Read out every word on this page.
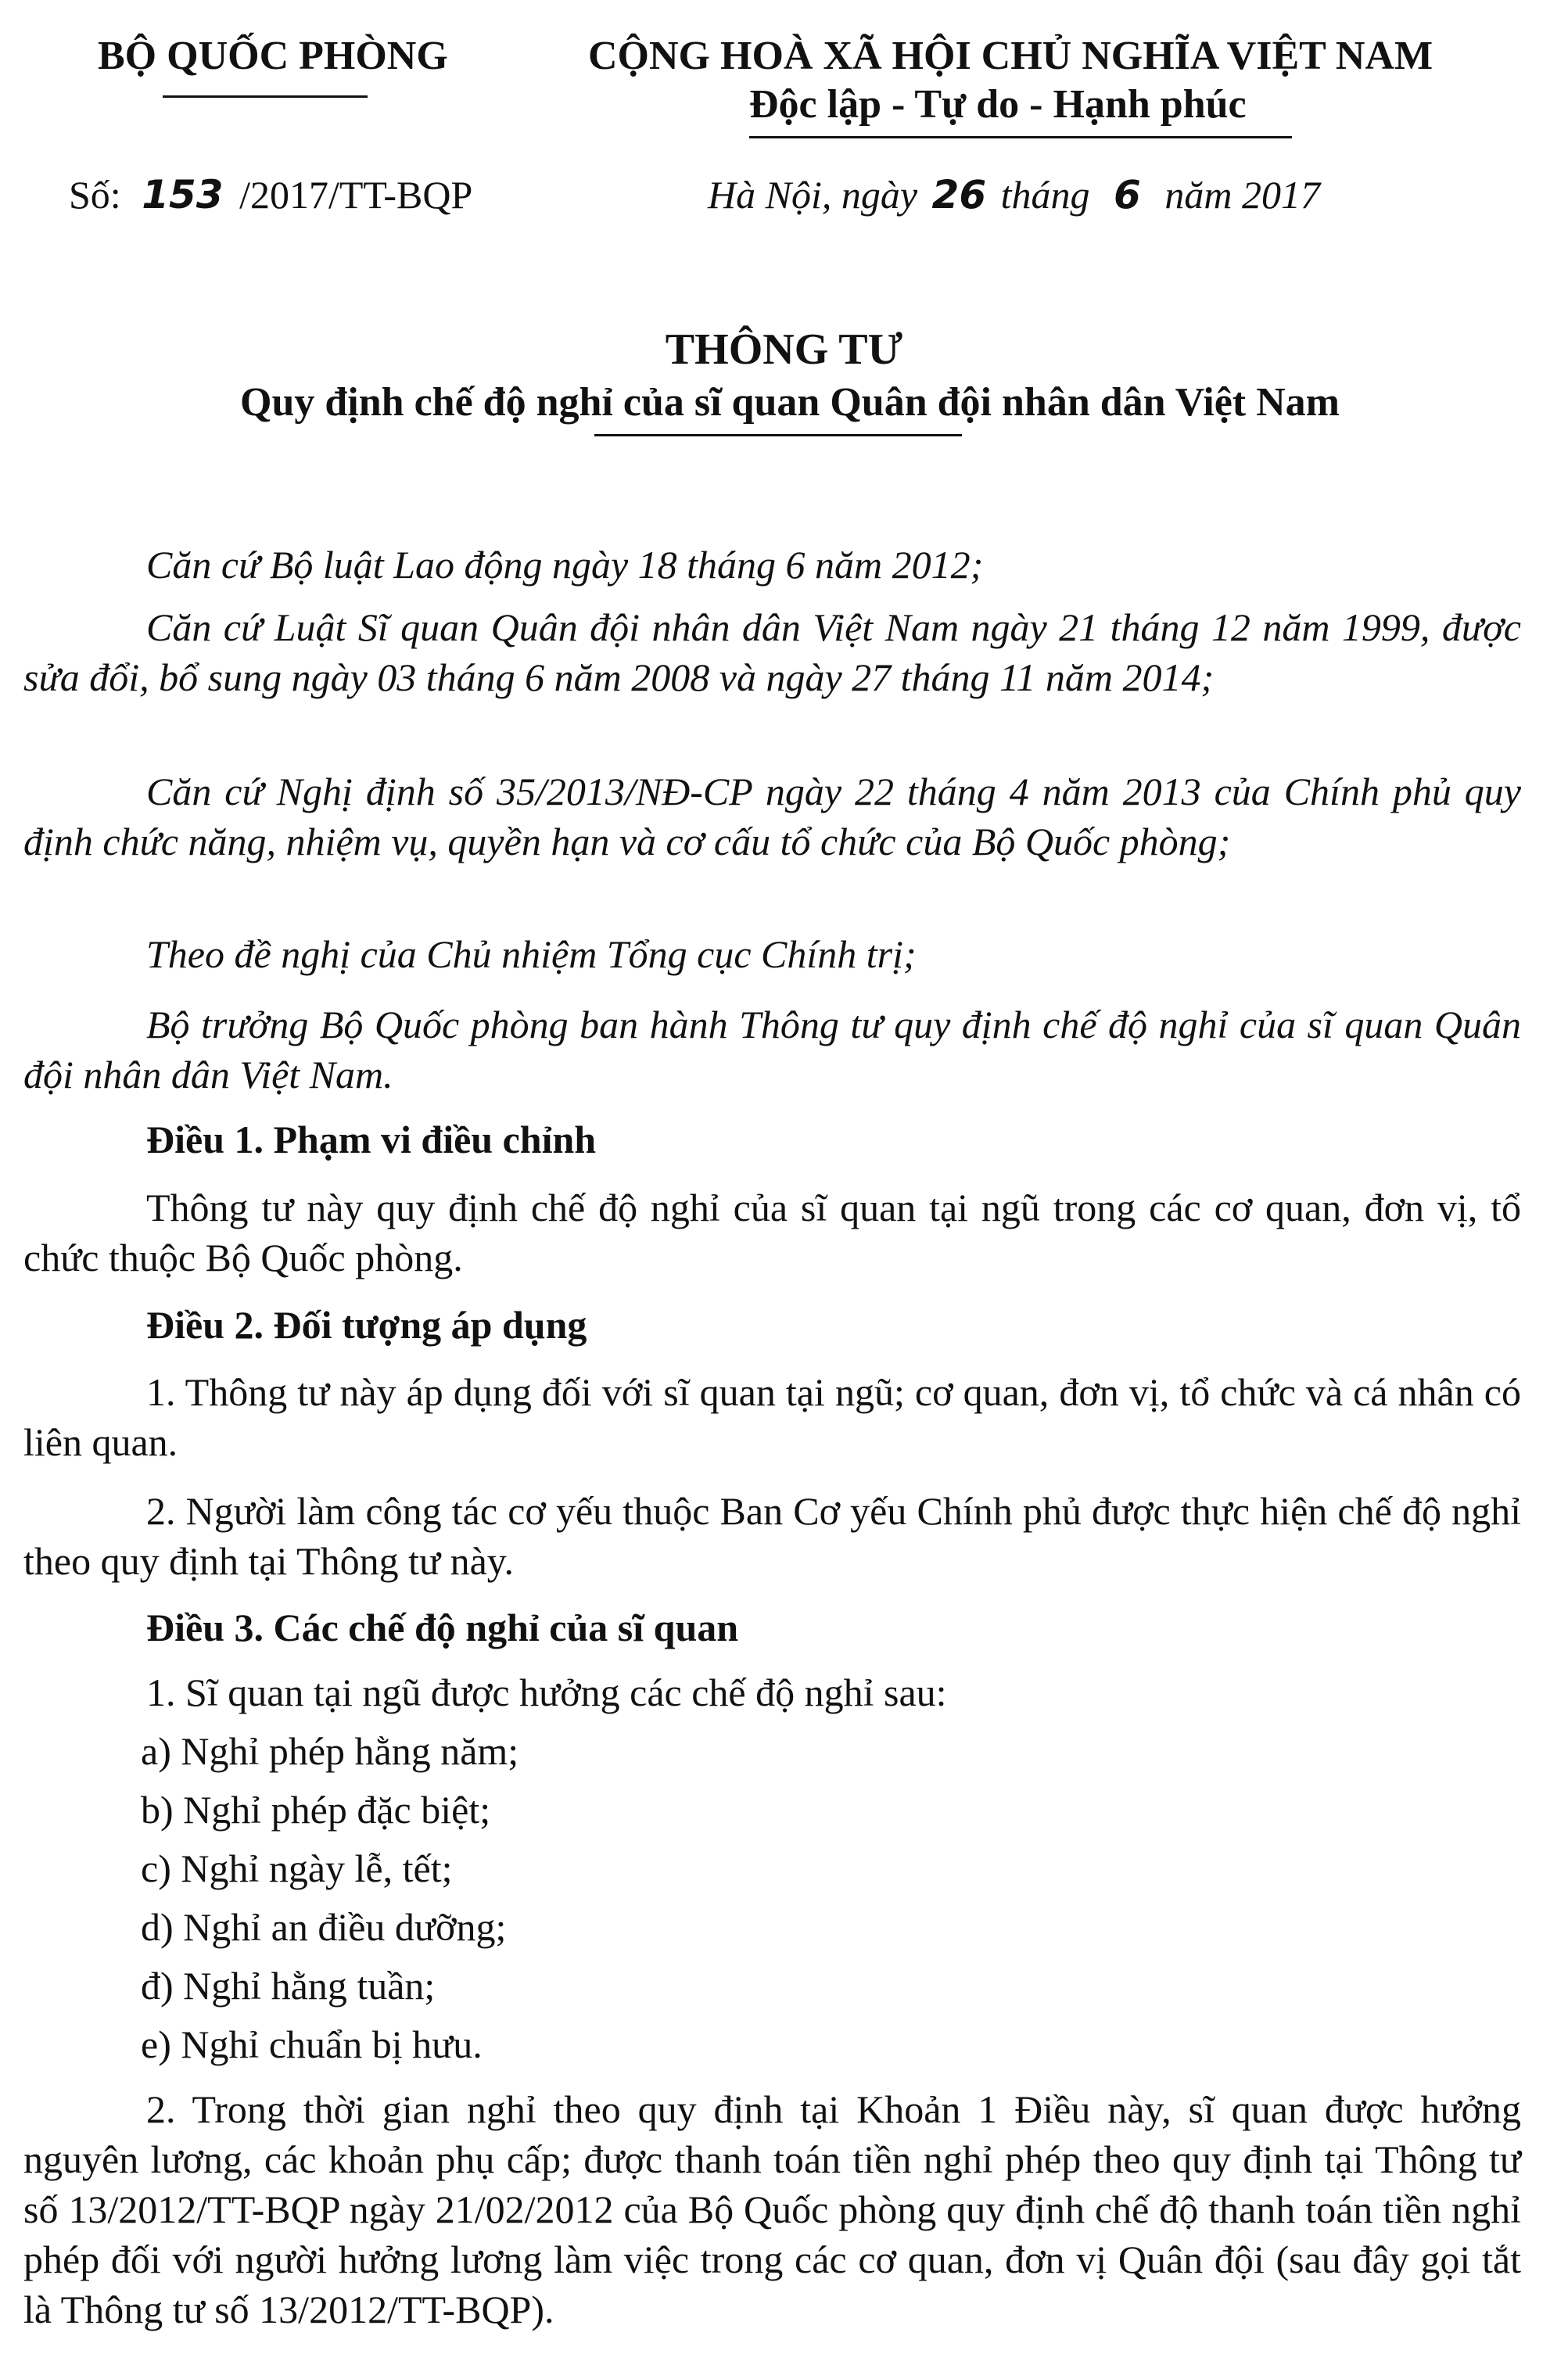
BỘ QUỐC PHÒNG	CỘNG HOÀ XÃ HỘI CHỦ NGHĨA VIỆT NAM
Độc lập - Tự do - Hạnh phúc
Số: 153 /2017/TT-BQP	Hà Nội, ngày 26 tháng 6 năm 2017
THÔNG TƯ
Quy định chế độ nghỉ của sĩ quan Quân đội nhân dân Việt Nam
Căn cứ Bộ luật Lao động ngày 18 tháng 6 năm 2012;
Căn cứ Luật Sĩ quan Quân đội nhân dân Việt Nam ngày 21 tháng 12 năm 1999, được sửa đổi, bổ sung ngày 03 tháng 6 năm 2008 và ngày 27 tháng 11 năm 2014;
Căn cứ Nghị định số 35/2013/NĐ-CP ngày 22 tháng 4 năm 2013 của Chính phủ quy định chức năng, nhiệm vụ, quyền hạn và cơ cấu tổ chức của Bộ Quốc phòng;
Theo đề nghị của Chủ nhiệm Tổng cục Chính trị;
Bộ trưởng Bộ Quốc phòng ban hành Thông tư quy định chế độ nghỉ của sĩ quan Quân đội nhân dân Việt Nam.
Điều 1. Phạm vi điều chỉnh
Thông tư này quy định chế độ nghỉ của sĩ quan tại ngũ trong các cơ quan, đơn vị, tổ chức thuộc Bộ Quốc phòng.
Điều 2. Đối tượng áp dụng
1. Thông tư này áp dụng đối với sĩ quan tại ngũ; cơ quan, đơn vị, tổ chức và cá nhân có liên quan.
2. Người làm công tác cơ yếu thuộc Ban Cơ yếu Chính phủ được thực hiện chế độ nghỉ theo quy định tại Thông tư này.
Điều 3. Các chế độ nghỉ của sĩ quan
1. Sĩ quan tại ngũ được hưởng các chế độ nghỉ sau:
a) Nghỉ phép hằng năm;
b) Nghỉ phép đặc biệt;
c) Nghỉ ngày lễ, tết;
d) Nghỉ an điều dưỡng;
đ) Nghỉ hằng tuần;
e) Nghỉ chuẩn bị hưu.
2. Trong thời gian nghỉ theo quy định tại Khoản 1 Điều này, sĩ quan được hưởng nguyên lương, các khoản phụ cấp; được thanh toán tiền nghỉ phép theo quy định tại Thông tư số 13/2012/TT-BQP ngày 21/02/2012 của Bộ Quốc phòng quy định chế độ thanh toán tiền nghỉ phép đối với người hưởng lương làm việc trong các cơ quan, đơn vị Quân đội (sau đây gọi tắt là Thông tư số 13/2012/TT-BQP).
